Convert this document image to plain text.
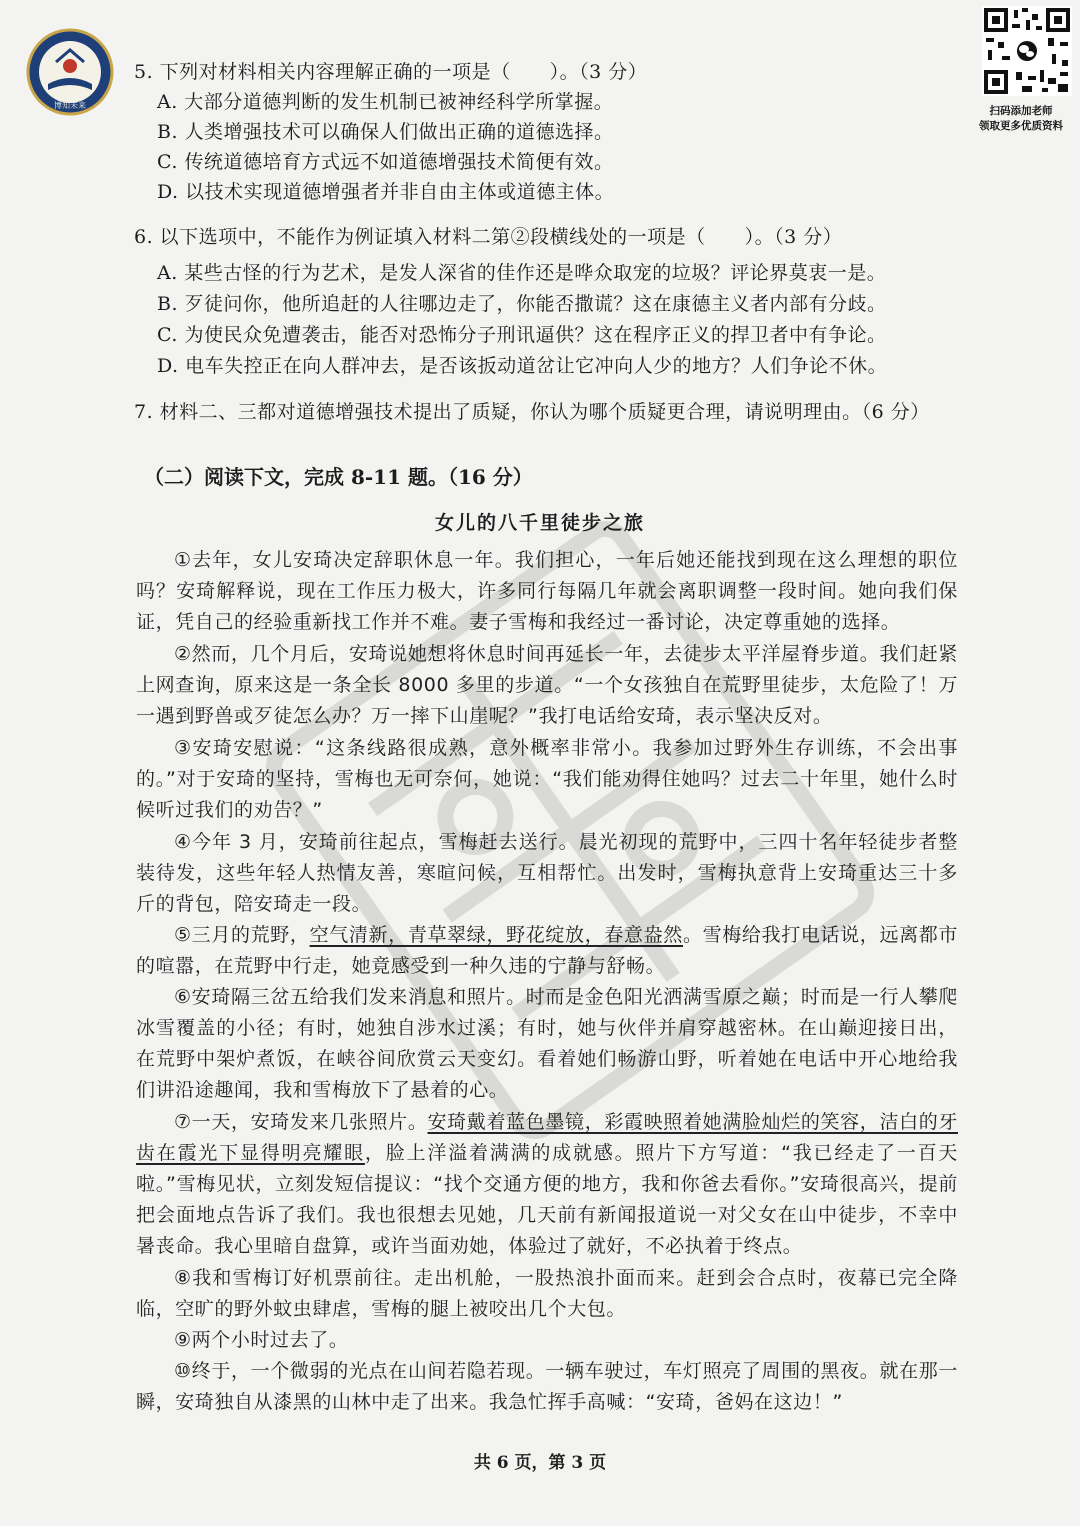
博知未来	扫码添加老师
领取更多优质资料
5. 下列对材料相关内容理解正确的一项是（　　）。（3 分）
A. 大部分道德判断的发生机制已被神经科学所掌握。
B. 人类增强技术可以确保人们做出正确的道德选择。
C. 传统道德培育方式远不如道德增强技术简便有效。
D. 以技术实现道德增强者并非自由主体或道德主体。
6. 以下选项中，不能作为例证填入材料二第②段横线处的一项是（　　）。（3 分）
A. 某些古怪的行为艺术，是发人深省的佳作还是哗众取宠的垃圾？评论界莫衷一是。
B. 歹徒问你，他所追赶的人往哪边走了，你能否撒谎？这在康德主义者内部有分歧。
C. 为使民众免遭袭击，能否对恐怖分子刑讯逼供？这在程序正义的捍卫者中有争论。
D. 电车失控正在向人群冲去，是否该扳动道岔让它冲向人少的地方？人们争论不休。
7. 材料二、三都对道德增强技术提出了质疑，你认为哪个质疑更合理，请说明理由。（6 分）
（二）阅读下文，完成 8-11 题。（16 分）
女儿的八千里徒步之旅
①去年，女儿安琦决定辞职休息一年。我们担心，一年后她还能找到现在这么理想的职位吗？安琦解释说，现在工作压力极大，许多同行每隔几年就会离职调整一段时间。她向我们保证，凭自己的经验重新找工作并不难。妻子雪梅和我经过一番讨论，决定尊重她的选择。
②然而，几个月后，安琦说她想将休息时间再延长一年，去徒步太平洋屋脊步道。我们赶紧上网查询，原来这是一条全长 8000 多里的步道。“一个女孩独自在荒野里徒步，太危险了！万一遇到野兽或歹徒怎么办？万一摔下山崖呢？”我打电话给安琦，表示坚决反对。
③安琦安慰说：“这条线路很成熟，意外概率非常小。我参加过野外生存训练，不会出事的。”对于安琦的坚持，雪梅也无可奈何，她说：“我们能劝得住她吗？过去二十年里，她什么时候听过我们的劝告？”
④今年 3 月，安琦前往起点，雪梅赶去送行。晨光初现的荒野中，三四十名年轻徒步者整装待发，这些年轻人热情友善，寒暄问候，互相帮忙。出发时，雪梅执意背上安琦重达三十多斤的背包，陪安琦走一段。
⑤三月的荒野，空气清新，青草翠绿，野花绽放，春意盎然。雪梅给我打电话说，远离都市的喧嚣，在荒野中行走，她竟感受到一种久违的宁静与舒畅。
⑥安琦隔三岔五给我们发来消息和照片。时而是金色阳光洒满雪原之巅；时而是一行人攀爬冰雪覆盖的小径；有时，她独自涉水过溪；有时，她与伙伴并肩穿越密林。在山巅迎接日出，在荒野中架炉煮饭，在峡谷间欣赏云天变幻。看着她们畅游山野，听着她在电话中开心地给我们讲沿途趣闻，我和雪梅放下了悬着的心。
⑦一天，安琦发来几张照片。安琦戴着蓝色墨镜，彩霞映照着她满脸灿烂的笑容，洁白的牙齿在霞光下显得明亮耀眼，脸上洋溢着满满的成就感。照片下方写道：“我已经走了一百天啦。”雪梅见状，立刻发短信提议：“找个交通方便的地方，我和你爸去看你。”安琦很高兴，提前把会面地点告诉了我们。我也很想去见她，几天前有新闻报道说一对父女在山中徒步，不幸中暑丧命。我心里暗自盘算，或许当面劝她，体验过了就好，不必执着于终点。
⑧我和雪梅订好机票前往。走出机舱，一股热浪扑面而来。赶到会合点时，夜幕已完全降临，空旷的野外蚊虫肆虐，雪梅的腿上被咬出几个大包。
⑨两个小时过去了。
⑩终于，一个微弱的光点在山间若隐若现。一辆车驶过，车灯照亮了周围的黑夜。就在那一瞬，安琦独自从漆黑的山林中走了出来。我急忙挥手高喊：“安琦，爸妈在这边！”
共 6 页，第 3 页
